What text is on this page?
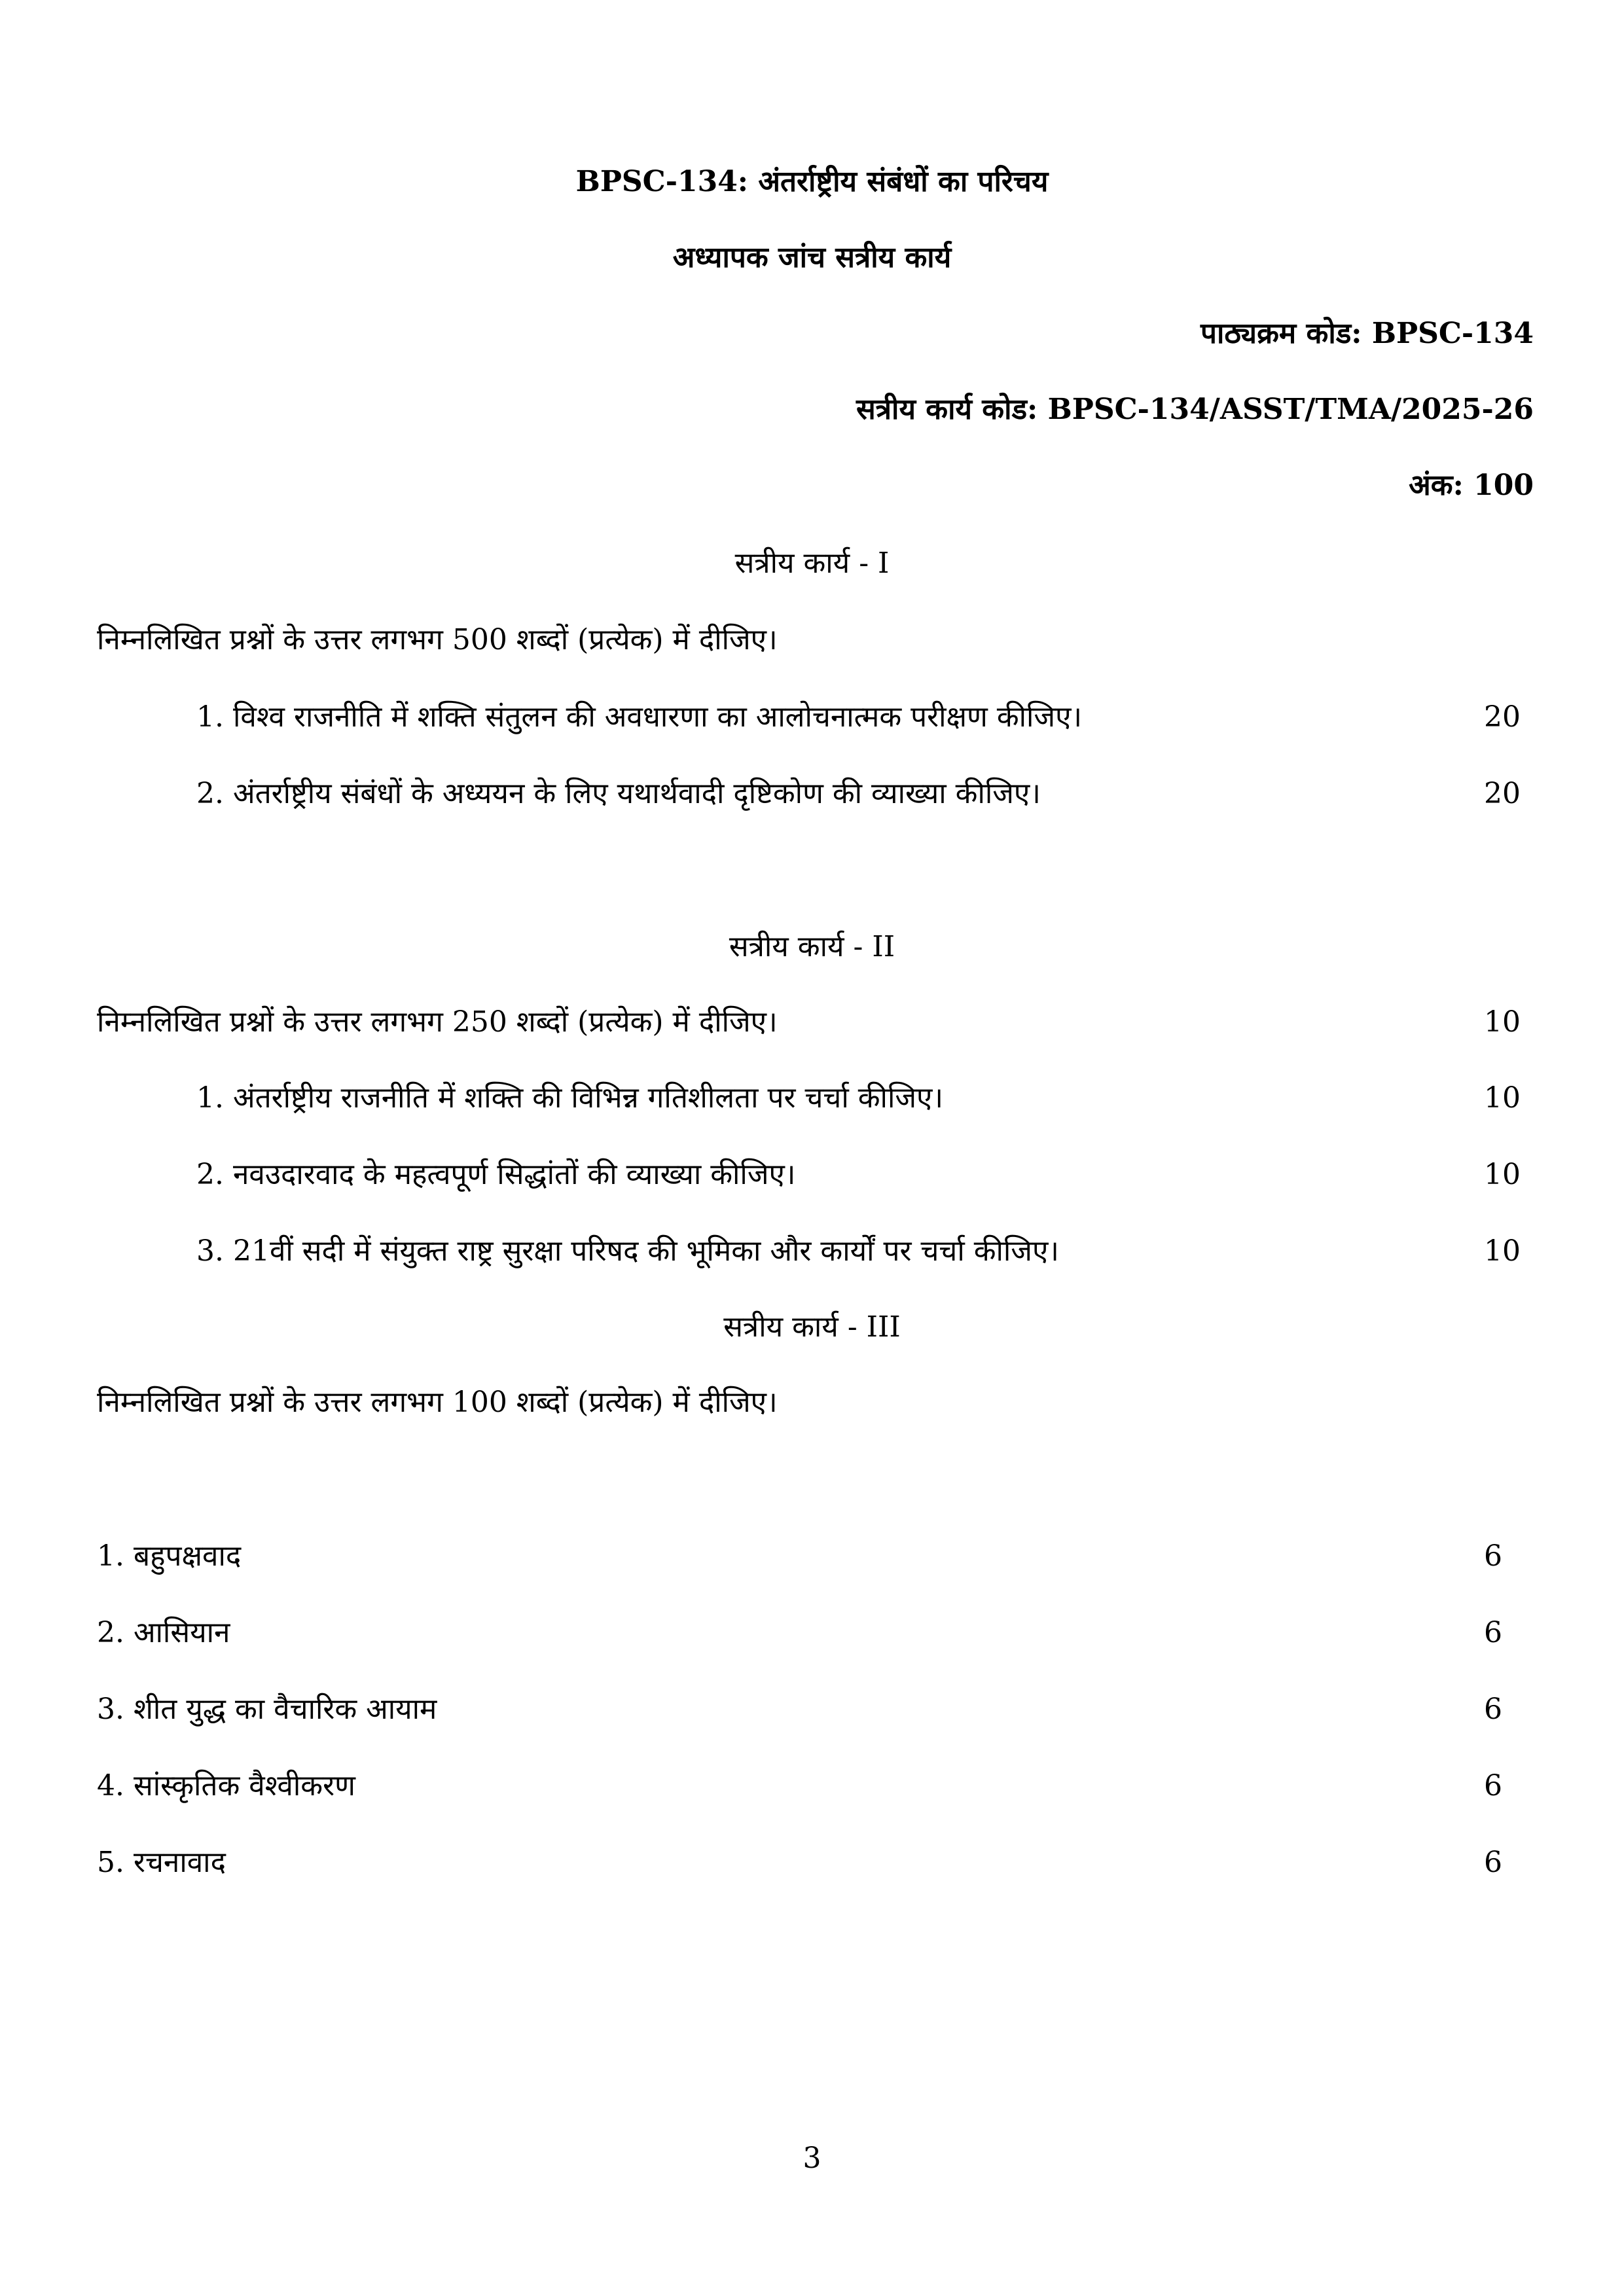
BPSC-134: अंतर्राष्ट्रीय संबंधों का परिचय
अध्यापक जांच सत्रीय कार्य
पाठ्यक्रम कोड: BPSC-134
सत्रीय कार्य कोड: BPSC-134/ASST/TMA/2025-26
अंक: 100
सत्रीय कार्य - I
निम्नलिखित प्रश्नों के उत्तर लगभग 500 शब्दों (प्रत्येक) में दीजिए।
1. विश्व राजनीति में शक्ति संतुलन की अवधारणा का आलोचनात्मक परीक्षण कीजिए।	20
2. अंतर्राष्ट्रीय संबंधों के अध्ययन के लिए यथार्थवादी दृष्टिकोण की व्याख्या कीजिए।	20
सत्रीय कार्य - II
निम्नलिखित प्रश्नों के उत्तर लगभग 250 शब्दों (प्रत्येक) में दीजिए।	10
1. अंतर्राष्ट्रीय राजनीति में शक्ति की विभिन्न गतिशीलता पर चर्चा कीजिए।	10
2. नवउदारवाद के महत्वपूर्ण सिद्धांतों की व्याख्या कीजिए।	10
3. 21वीं सदी में संयुक्त राष्ट्र सुरक्षा परिषद की भूमिका और कार्यों पर चर्चा कीजिए।	10
सत्रीय कार्य - III
निम्नलिखित प्रश्नों के उत्तर लगभग 100 शब्दों (प्रत्येक) में दीजिए।
1. बहुपक्षवाद	6
2. आसियान	6
3. शीत युद्ध का वैचारिक आयाम	6
4. सांस्कृतिक वैश्वीकरण	6
5. रचनावाद	6
3
